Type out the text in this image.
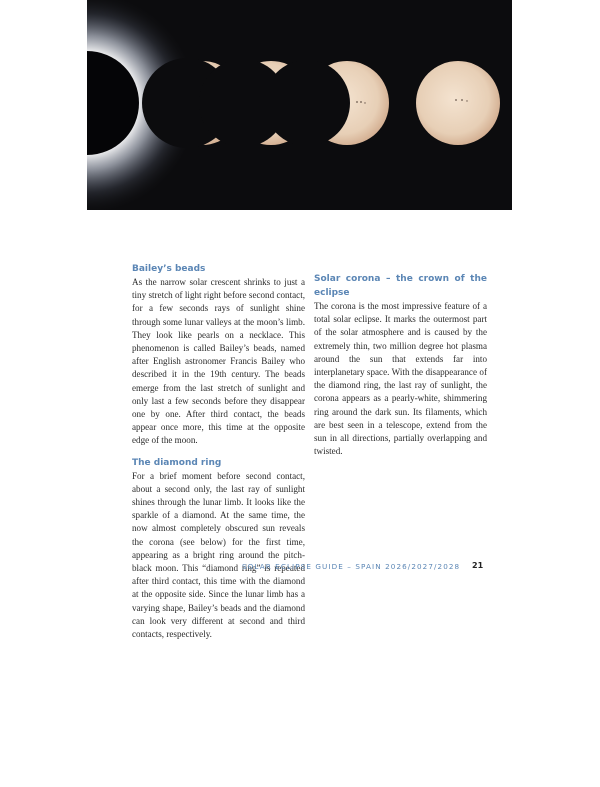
Bailey’s beads

As the narrow solar crescent shrinks to just a tiny stretch of light right before second contact, for a few seconds rays of sunlight shine through some lunar valleys at the moon’s limb. They look like pearls on a necklace. This phenomenon is called Bailey’s beads, named after English astronomer Francis Bailey who described it in the 19th century. The beads emerge from the last stretch of sunlight and only last a few seconds before they disappear one by one. After third contact, the beads appear once more, this time at the opposite edge of the moon.

The diamond ring

For a brief moment before second contact, about a second only, the last ray of sunlight shines through the lunar limb. It looks like the sparkle of a diamond. At the same time, the now almost completely obscured sun reveals the corona (see below) for the first time, appearing as a bright ring around the pitch-black moon. This “diamond ring” is repeated after third contact, this time with the diamond at the opposite side. Since the lunar limb has a varying shape, Bailey’s beads and the diamond can look very different at second and third contacts, respectively.

Solar corona – the crown of the eclipse

The corona is the most impressive feature of a total solar eclipse. It marks the outermost part of the solar atmosphere and is caused by the extremely thin, two million degree hot plasma around the sun that extends far into interplanetary space. With the disappearance of the diamond ring, the last ray of sunlight, the corona appears as a pearly-white, shimmering ring around the dark sun. Its filaments, which are best seen in a telescope, extend from the sun in all directions, partially overlapping and twisted.

SOLAR ECLIPSE GUIDE – SPAIN 2026/2027/2028	21
